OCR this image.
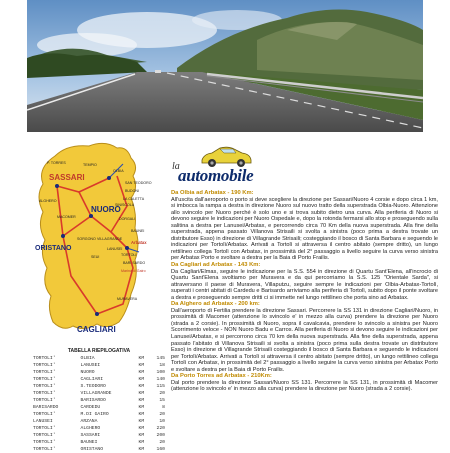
SASSARI
NUORO
ORISTANO
CAGLIARI
OLBIA
TEMPIO
ALGHERO
P. TORRES
SAN TEODORO
BUDONI
LA CALETTA
SINISCOLA
DORGALI
MACOMER
SORGONO VILLAGRANDE
BAUNEI
Arbatax
LANUSEI
TORTOLI
SEUI
BARI SARDO
Marina di Gairo
MURAVERA
la
automobile

Da Olbia ad Arbatax - 190 Km:

All'uscita dall'aeroporto o porto si deve scegliere la direzione per Sassari/Nuoro 4 corsie e dopo circa 1 km, si imbocca la rampa a destra in direzione Nuoro sul nuovo tratto della superstrada Olbia-Nuoro. Attenzione allo svincolo per Nuoro perché è solo uno e si trova subito dietro una curva. Alla periferia di Nuoro si devono seguire le indicazioni per Nuoro Ospedale e, dopo la rotonda fermarsi allo stop e proseguendo sulla salitina a destra per Lanusei/Arbatax, e percorrendo circa 70 Km della nuova superstrada. Alla fine della superstrada, appena passato Villanova Strisaili si svolta a sinistra (poco prima a destra trovate un distributore Esso) in direzione di Villagrande Strisaili; costeggiando il bosco di Santa Barbara e seguendo le indicazioni per Tortolì/Arbatax. Arrivati a Tortolì si attraversa il centro abitato (sempre dritto), un lungo rettilineo collega Tortolì con Arbatax, in prossimità del 2° passaggio a livello seguire la curva verso sinistra per Arbatax Porto e svoltare a destra per la Baia di Porto Frailis.

Da Cagliari ad Arbatax - 143 Km:

Da Cagliari/Elmas, seguire le indicazione per la S.S. 554 in direzione di Quartu Sant'Elena, all'incrocio di Quartu Sant'Elena svoltiamo per Muravera e da qui percorriamo la S.S. 125 "Orientale Sarda", si attraversano il paese di Muravera, Villaputzu, seguire sempre le indicazioni per Olbia-Arbatax-Tortolì, superati i centri abitati di Cardedu e Barisardo arriviamo alla periferia di Tortolì, subito dopo il ponte svoltare a destra e proseguendo sempre dritti ci si immette nel lungo rettilineo che porta sino ad Arbatax.

Da Alghero ad Arbatax - 200 km:

Dall'aeroporto di Fertilia prendere la direzione Sassari. Percorrere la SS 131 in direzione Cagliari/Nuoro, in prossimità di Macomer (attenzione lo svincolo e' in mezzo alla curva) prendere la direzione per Nuoro (strada a 2 corsie). In prossimità di Nuoro, sopra il cavalcavia, prendere lo svincolo a sinistra per Nuoro Scorrimento veloce - NON Nuoro Badu e Carros. Alla periferia di Nuoro si devono seguire le indicazioni per Lanusei/Arbatax, e si percorrono circa 70 km della nuova superstrada. Alla fine della superstrada, appena passato l'abitato di Villanova Strisaili si svolta a sinistra (poco prima sulla destra trovate un distributore Esso) in direzione di Villagrande Strisaili costeggiando il bosco di Santa Barbara e seguendo le indicazioni per Tortolì/Arbatax. Arrivati a Tortolì si attraversa il centro abitato (sempre dritto), un lungo rettilineo collega Tortolì con Arbatax, in prossimità del 2° passaggio a livello seguire la curva verso sinistra per Arbatax Porto e svoltare a destra per la Baia di Porto Frailis.

Da Porto Torres ad Arbatax - 210Km:

Dal porto prendere la direzione Sassari/Nuoro SS 131. Percorrere la SS 131, in prossimità di Macomer (attenzione lo svincolo e' in mezzo alla curva) prendere la direzione per Nuoro (strada a 2 corsie).

TABELLA RIEPILOGATIVA
TORTOLI'	OLBIA	KM	145
TORTOLI'	LANUSEI	KM	18
TORTOLI'	NUORO	KM	100
TORTOLI'	CAGLIARI	KM	140
TORTOLI'	S.TEODORO	KM	115
TORTOLI'	VILLAGRANDE	KM	20
TORTOLI'	BARISARDO	KM	15
BARISARDO	CARDEDU	KM	8
TORTOLI'	M.DI GAIRO	KM	20
LANUSEI	ARZANA	KM	10
TORTOLI'	ALGHERO	KM	220
TORTOLI'	SASSARI	KM	200
TORTOLI'	BAUNEI	KM	20
TORTOLI'	ORISTANO	KM	160
